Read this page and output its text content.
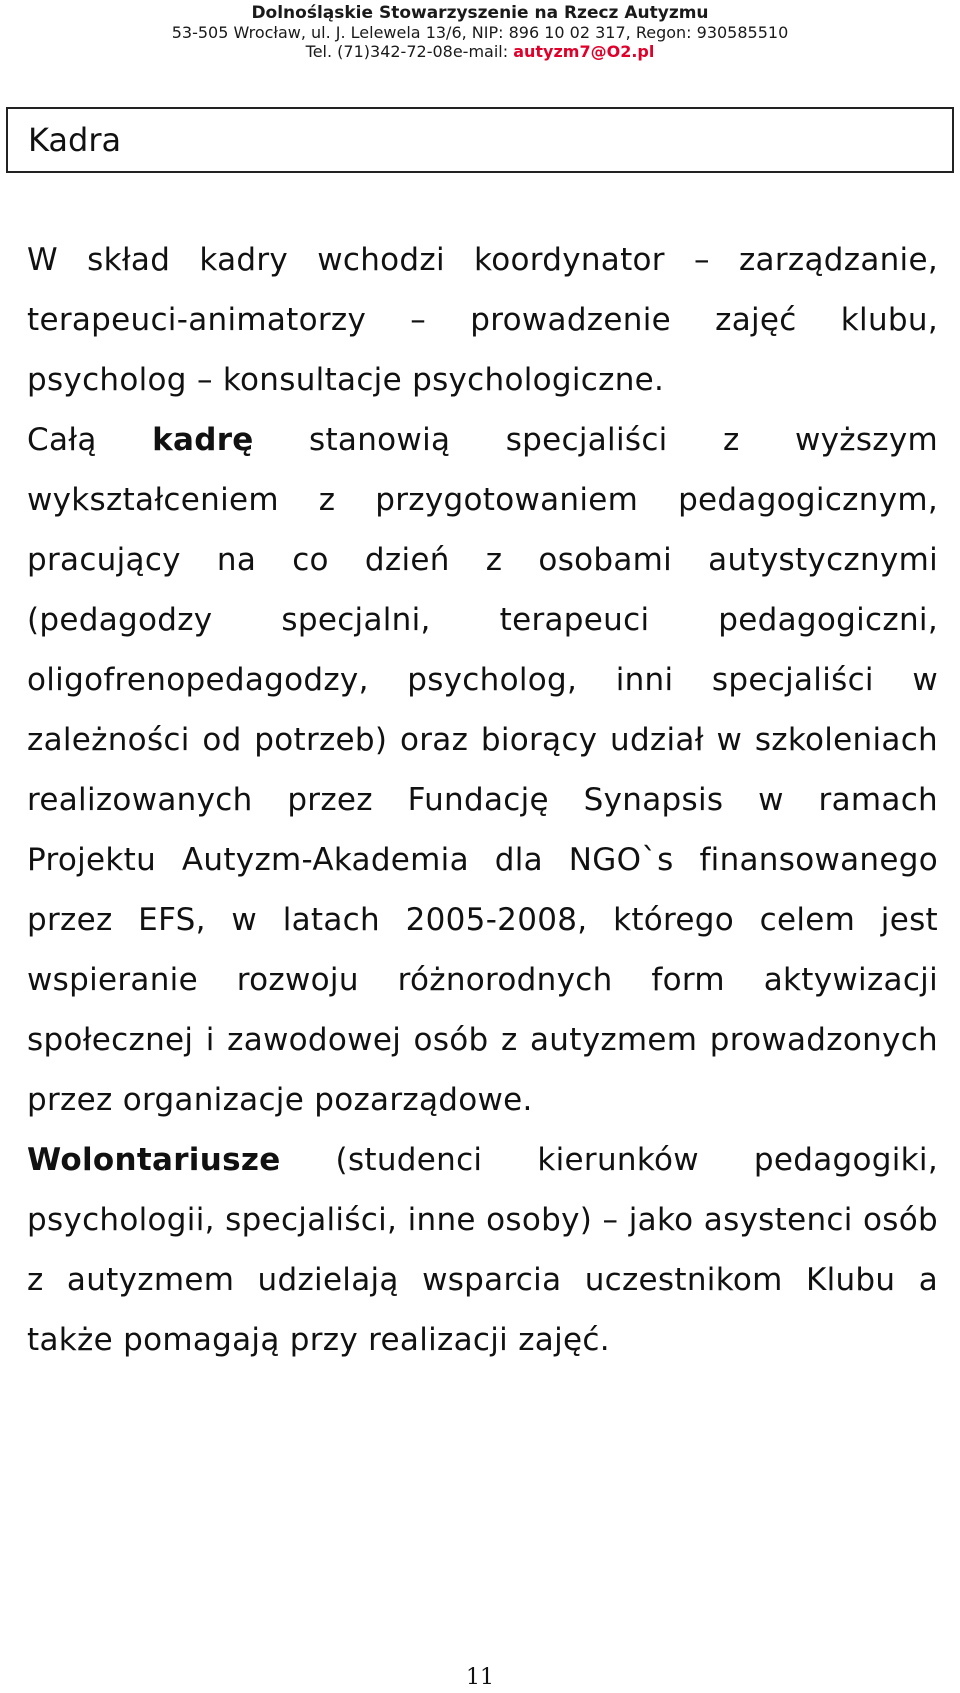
Dolnośląskie Stowarzyszenie na Rzecz Autyzmu
53-505 Wrocław, ul. J. Lelewela 13/6, NIP: 896 10 02 317, Regon: 930585510
Tel. (71)342-72-08e-mail: autyzm7@O2.pl
Kadra

W skład kadry wchodzi koordynator – zarządzanie, terapeuci-animatorzy – prowadzenie zajęć klubu, psycholog – konsultacje psychologiczne.

Całą kadrę stanowią specjaliści z wyższym wykształceniem z przygotowaniem pedagogicznym, pracujący na co dzień z osobami autystycznymi (pedagodzy specjalni, terapeuci pedagogiczni, oligofrenopedagodzy, psycholog, inni specjaliści w zależności od potrzeb) oraz biorący udział w szkoleniach realizowanych przez Fundację Synapsis w ramach Projektu Autyzm-Akademia dla NGO`s finansowanego przez EFS, w latach 2005-2008, którego celem jest wspieranie rozwoju różnorodnych form aktywizacji społecznej i zawodowej osób z autyzmem prowadzonych przez organizacje pozarządowe.

Wolontariusze (studenci kierunków pedagogiki, psychologii, specjaliści, inne osoby) – jako asystenci osób z autyzmem udzielają wsparcia uczestnikom Klubu a także pomagają przy realizacji zajęć.

11
